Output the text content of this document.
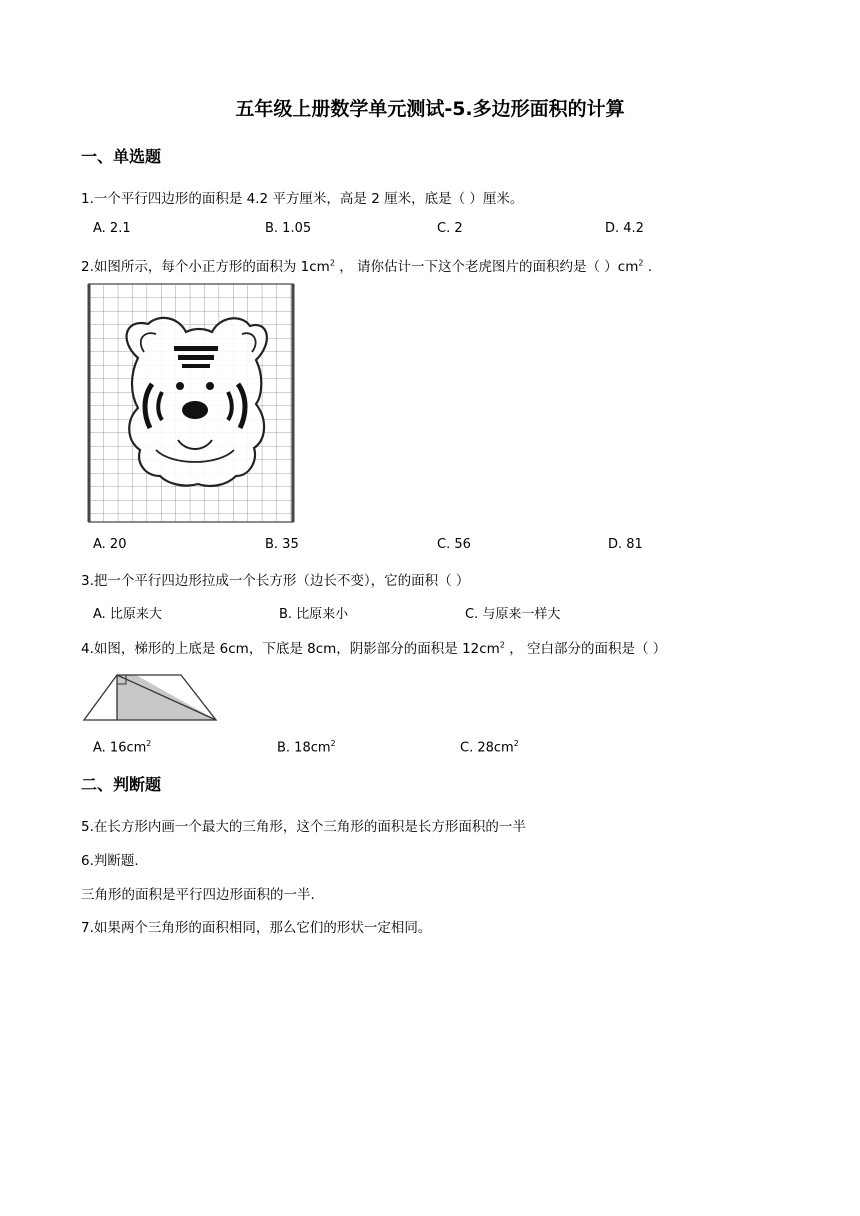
五年级上册数学单元测试-5.多边形面积的计算
一、单选题
1.一个平行四边形的面积是 4.2 平方厘米，高是 2 厘米，底是（ ）厘米。
A. 2.1	B. 1.05	C. 2	D. 4.2
2.如图所示，每个小正方形的面积为 $1cm^2$ ， 请你估计一下这个老虎图片的面积约是（ ）$cm^2$ .
A. 20	B. 35	C. 56	D. 81
3.把一个平行四边形拉成一个长方形（边长不变），它的面积（ ）
A. 比原来大	B. 比原来小	C. 与原来一样大
4.如图，梯形的上底是 6cm，下底是 8cm，阴影部分的面积是 $12cm^2$ ， 空白部分的面积是（ ）
A. $16cm^2$	B. $18cm^2$	C. $28cm^2$
二、判断题
5.在长方形内画一个最大的三角形，这个三角形的面积是长方形面积的一半
6.判断题.
三角形的面积是平行四边形面积的一半.
7.如果两个三角形的面积相同，那么它们的形状一定相同。
